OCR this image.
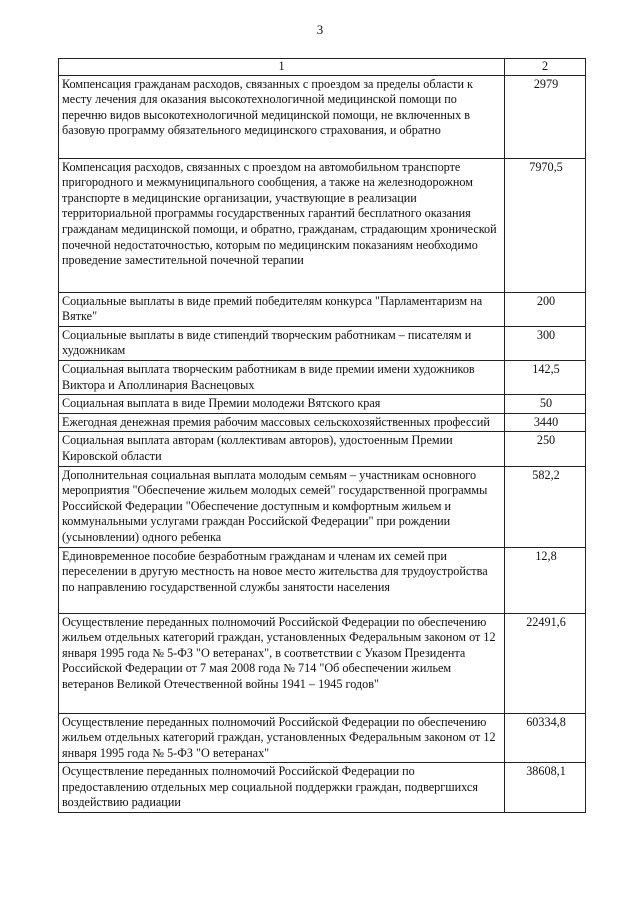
3
1	2
Компенсация гражданам расходов, связанных с проездом за пределы области к месту лечения для оказания высокотехнологичной медицинской помощи по перечню видов высокотехнологичной медицинской помощи, не включенных в базовую программу обязательного медицинского страхования, и обратно	2979
Компенсация расходов, связанных с проездом на автомобильном транспорте пригородного и межмуниципального сообщения, а также на железнодорожном транспорте в медицинские организации, участвующие в реализации территориальной программы государственных гарантий бесплатного оказания гражданам медицинской помощи, и обратно, гражданам, страдающим хронической почечной недостаточностью, которым по медицинским показаниям необходимо проведение заместительной почечной терапии	7970,5
Социальные выплаты в виде премий победителям конкурса "Парламентаризм на Вятке"	200
Социальные выплаты в виде стипендий творческим работникам – писателям и художникам	300
Социальная выплата творческим работникам в виде премии имени художников Виктора и Аполлинария Васнецовых	142,5
Социальная выплата в виде Премии молодежи Вятского края	50
Ежегодная денежная премия рабочим массовых сельскохозяйственных профессий	3440
Социальная выплата авторам (коллективам авторов), удостоенным Премии Кировской области	250
Дополнительная социальная выплата молодым семьям – участникам основного мероприятия "Обеспечение жильем молодых семей" государственной программы Российской Федерации "Обеспечение доступным и комфортным жильем и коммунальными услугами граждан Российской Федерации" при рождении (усыновлении) одного ребенка	582,2
Единовременное пособие безработным гражданам и членам их семей при переселении в другую местность на новое место жительства для трудоустройства по направлению государственной службы занятости населения	12,8
Осуществление переданных полномочий Российской Федерации по обеспечению жильем отдельных категорий граждан, установленных Федеральным законом от 12 января 1995 года № 5-ФЗ "О ветеранах", в соответствии с Указом Президента Российской Федерации от 7 мая 2008 года № 714 "Об обеспечении жильем ветеранов Великой Отечественной войны 1941 – 1945 годов"	22491,6
Осуществление переданных полномочий Российской Федерации по обеспечению жильем отдельных категорий граждан, установленных Федеральным законом от 12 января 1995 года № 5-ФЗ "О ветеранах"	60334,8
Осуществление переданных полномочий Российской Федерации по предоставлению отдельных мер социальной поддержки граждан, подвергшихся воздействию радиации	38608,1
